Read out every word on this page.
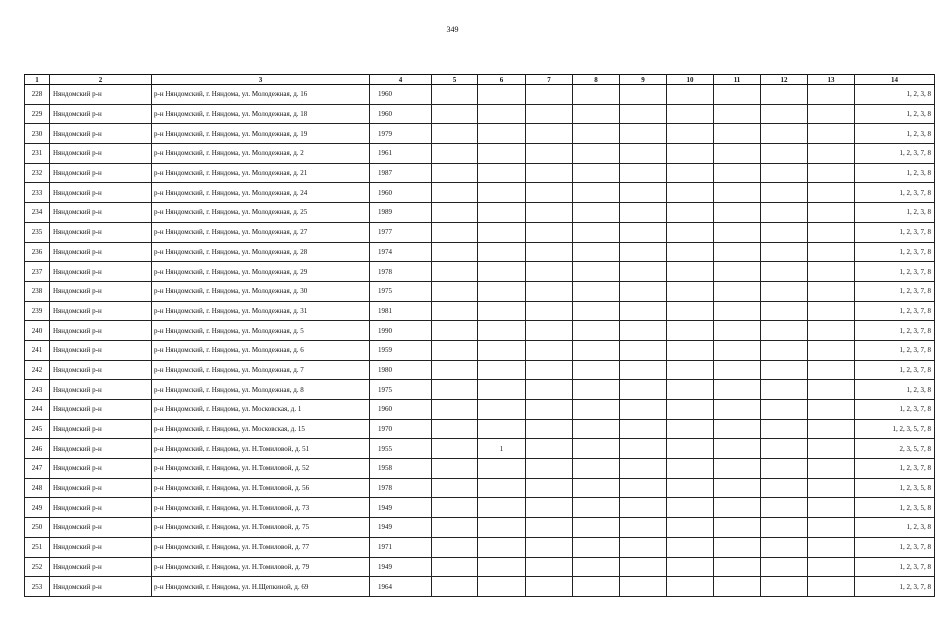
349
1	2	3	4	5	6	7	8	9	10	11	12	13	14
228	Няндомский р-н	р-н Няндомский, г. Няндома, ул. Молодежная, д. 16	1960										1, 2, 3, 8
229	Няндомский р-н	р-н Няндомский, г. Няндома, ул. Молодежная, д. 18	1960										1, 2, 3, 8
230	Няндомский р-н	р-н Няндомский, г. Няндома, ул. Молодежная, д. 19	1979										1, 2, 3, 8
231	Няндомский р-н	р-н Няндомский, г. Няндома, ул. Молодежная, д. 2	1961										1, 2, 3, 7, 8
232	Няндомский р-н	р-н Няндомский, г. Няндома, ул. Молодежная, д. 21	1987										1, 2, 3, 8
233	Няндомский р-н	р-н Няндомский, г. Няндома, ул. Молодежная, д. 24	1960										1, 2, 3, 7, 8
234	Няндомский р-н	р-н Няндомский, г. Няндома, ул. Молодежная, д. 25	1989										1, 2, 3, 8
235	Няндомский р-н	р-н Няндомский, г. Няндома, ул. Молодежная, д. 27	1977										1, 2, 3, 7, 8
236	Няндомский р-н	р-н Няндомский, г. Няндома, ул. Молодежная, д. 28	1974										1, 2, 3, 7, 8
237	Няндомский р-н	р-н Няндомский, г. Няндома, ул. Молодежная, д. 29	1978										1, 2, 3, 7, 8
238	Няндомский р-н	р-н Няндомский, г. Няндома, ул. Молодежная, д. 30	1975										1, 2, 3, 7, 8
239	Няндомский р-н	р-н Няндомский, г. Няндома, ул. Молодежная, д. 31	1981										1, 2, 3, 7, 8
240	Няндомский р-н	р-н Няндомский, г. Няндома, ул. Молодежная, д. 5	1990										1, 2, 3, 7, 8
241	Няндомский р-н	р-н Няндомский, г. Няндома, ул. Молодежная, д. 6	1959										1, 2, 3, 7, 8
242	Няндомский р-н	р-н Няндомский, г. Няндома, ул. Молодежная, д. 7	1980										1, 2, 3, 7, 8
243	Няндомский р-н	р-н Няндомский, г. Няндома, ул. Молодежная, д. 8	1975										1, 2, 3, 8
244	Няндомский р-н	р-н Няндомский, г. Няндома, ул. Московская, д. 1	1960										1, 2, 3, 7, 8
245	Няндомский р-н	р-н Няндомский, г. Няндома, ул. Московская, д. 15	1970										1, 2, 3, 5, 7, 8
246	Няндомский р-н	р-н Няндомский, г. Няндома, ул. Н.Томиловой, д. 51	1955		1								2, 3, 5, 7, 8
247	Няндомский р-н	р-н Няндомский, г. Няндома, ул. Н.Томиловой, д. 52	1958										1, 2, 3, 7, 8
248	Няндомский р-н	р-н Няндомский, г. Няндома, ул. Н.Томиловой, д. 56	1978										1, 2, 3, 5, 8
249	Няндомский р-н	р-н Няндомский, г. Няндома, ул. Н.Томиловой, д. 73	1949										1, 2, 3, 5, 8
250	Няндомский р-н	р-н Няндомский, г. Няндома, ул. Н.Томиловой, д. 75	1949										1, 2, 3, 8
251	Няндомский р-н	р-н Няндомский, г. Няндома, ул. Н.Томиловой, д. 77	1971										1, 2, 3, 7, 8
252	Няндомский р-н	р-н Няндомский, г. Няндома, ул. Н.Томиловой, д. 79	1949										1, 2, 3, 7, 8
253	Няндомский р-н	р-н Няндомский, г. Няндома, ул. Н.Щепкиной, д. 69	1964										1, 2, 3, 7, 8
